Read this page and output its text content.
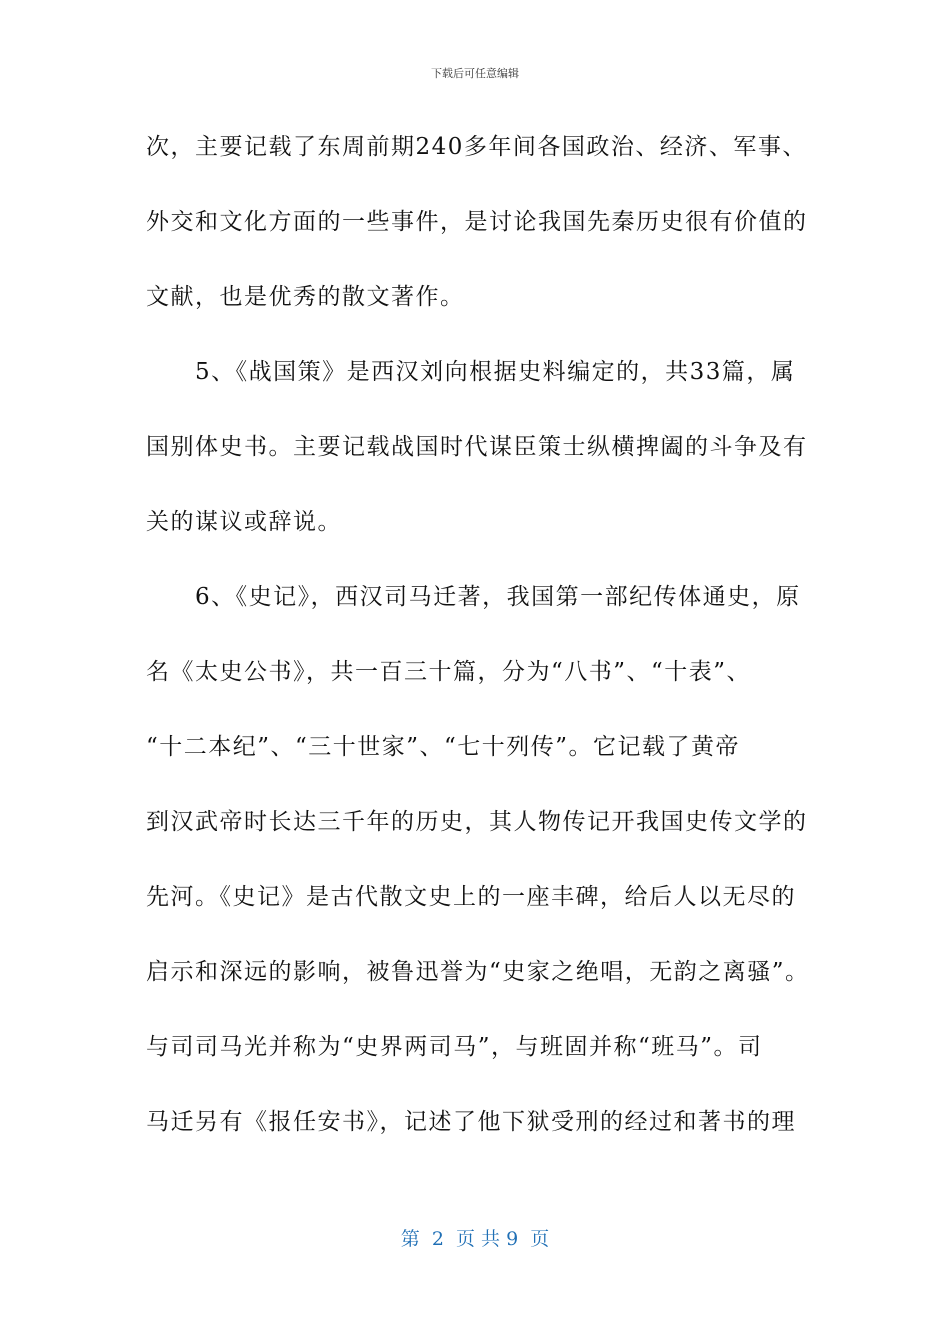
下载后可任意编辑
次，主要记载了东周前期240多年间各国政治、经济、军事、
外交和文化方面的一些事件，是讨论我国先秦历史很有价值的
文献，也是优秀的散文著作。
　　5、《战国策》是西汉刘向根据史料编定的，共33篇，属
国别体史书。主要记载战国时代谋臣策士纵横捭阖的斗争及有
关的谋议或辞说。
　　6、《史记》，西汉司马迁著，我国第一部纪传体通史，原
名《太史公书》，共一百三十篇，分为“八书”、“十表”、
“十二本纪”、“三十世家”、“七十列传”。它记载了黄帝
到汉武帝时长达三千年的历史，其人物传记开我国史传文学的
先河。《史记》是古代散文史上的一座丰碑，给后人以无尽的
启示和深远的影响，被鲁迅誉为“史家之绝唱，无韵之离骚”。
与司司马光并称为“史界两司马”，与班固并称“班马”。司
马迁另有《报任安书》，记述了他下狱受刑的经过和著书的理
第  2  页 共 9  页
